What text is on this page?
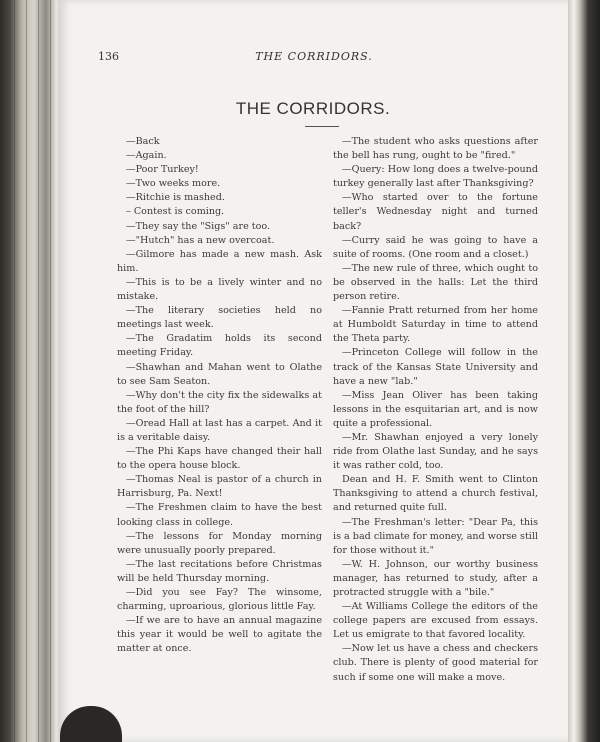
136	THE CORRIDORS.
THE CORRIDORS.

—Back

—Again.

—Poor Turkey!

—Two weeks more.

—Ritchie is mashed.

– Contest is coming.

—They say the "Sigs" are too.

—"Hutch" has a new overcoat.

—Gilmore has made a new mash. Ask him.

—This is to be a lively winter and no mistake.

—The literary societies held no meetings last week.

—The Gradatim holds its second meeting Friday.

—Shawhan and Mahan went to Olathe to see Sam Seaton.

—Why don't the city fix the sidewalks at the foot of the hill?

—Oread Hall at last has a carpet. And it is a veritable daisy.

—The Phi Kaps have changed their hall to the opera house block.

—Thomas Neal is pastor of a church in Harrisburg, Pa. Next!

—The Freshmen claim to have the best looking class in college.

—The lessons for Monday morning were unusually poorly prepared.

—The last recitations before Christmas will be held Thursday morning.

—Did you see Fay? The winsome, charming, uproarious, glorious little Fay.

—If we are to have an annual magazine this year it would be well to agitate the matter at once.

—The student who asks questions after the bell has rung, ought to be "fired."

—Query: How long does a twelve-pound turkey generally last after Thanksgiving?

—Who started over to the fortune teller's Wednesday night and turned back?

—Curry said he was going to have a suite of rooms. (One room and a closet.)

—The new rule of three, which ought to be observed in the halls: Let the third person retire.

—Fannie Pratt returned from her home at Humboldt Saturday in time to attend the Theta party.

—Princeton College will follow in the track of the Kansas State University and have a new "lab."

—Miss Jean Oliver has been taking lessons in the esquitarian art, and is now quite a professional.

—Mr. Shawhan enjoyed a very lonely ride from Olathe last Sunday, and he says it was rather cold, too.

Dean and H. F. Smith went to Clinton Thanksgiving to attend a church festival, and returned quite full.

—The Freshman's letter: "Dear Pa, this is a bad climate for money, and worse still for those without it."

—W. H. Johnson, our worthy business manager, has returned to study, after a protracted struggle with a "bile."

—At Williams College the editors of the college papers are excused from essays. Let us emigrate to that favored locality.

—Now let us have a chess and checkers club. There is plenty of good material for such if some one will make a move.
